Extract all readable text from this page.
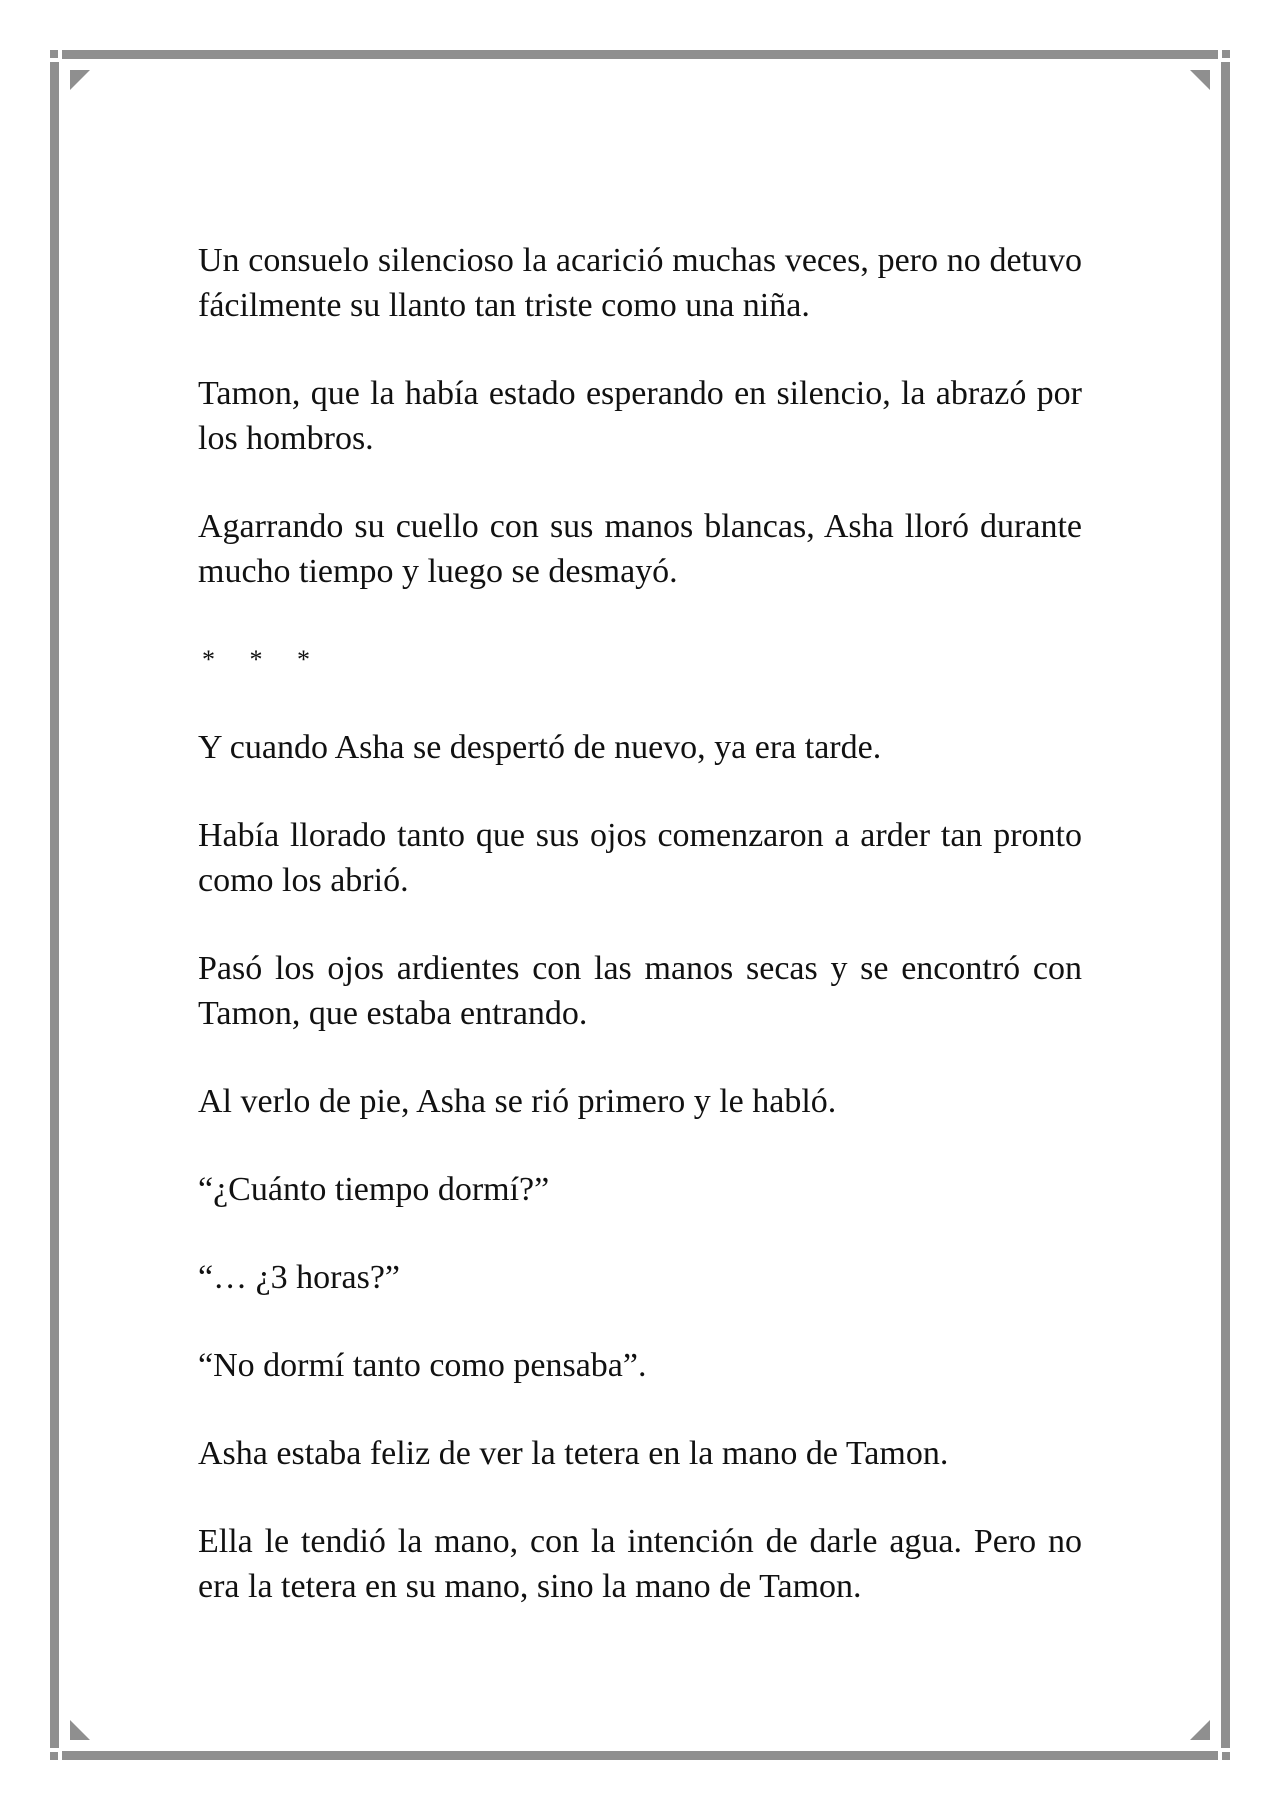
Un consuelo silencioso la acarició muchas veces, pero no detuvo fácilmente su llanto tan triste como una niña.

Tamon, que la había estado esperando en silencio, la abrazó por los hombros.

Agarrando su cuello con sus manos blancas, Asha lloró durante mucho tiempo y luego se desmayó.

* * *

Y cuando Asha se despertó de nuevo, ya era tarde.

Había llorado tanto que sus ojos comenzaron a arder tan pronto como los abrió.

Pasó los ojos ardientes con las manos secas y se encontró con Tamon, que estaba entrando.

Al verlo de pie, Asha se rió primero y le habló.

“¿Cuánto tiempo dormí?”

“… ¿3 horas?”

“No dormí tanto como pensaba”.

Asha estaba feliz de ver la tetera en la mano de Tamon.

Ella le tendió la mano, con la intención de darle agua. Pero no era la tetera en su mano, sino la mano de Tamon.
